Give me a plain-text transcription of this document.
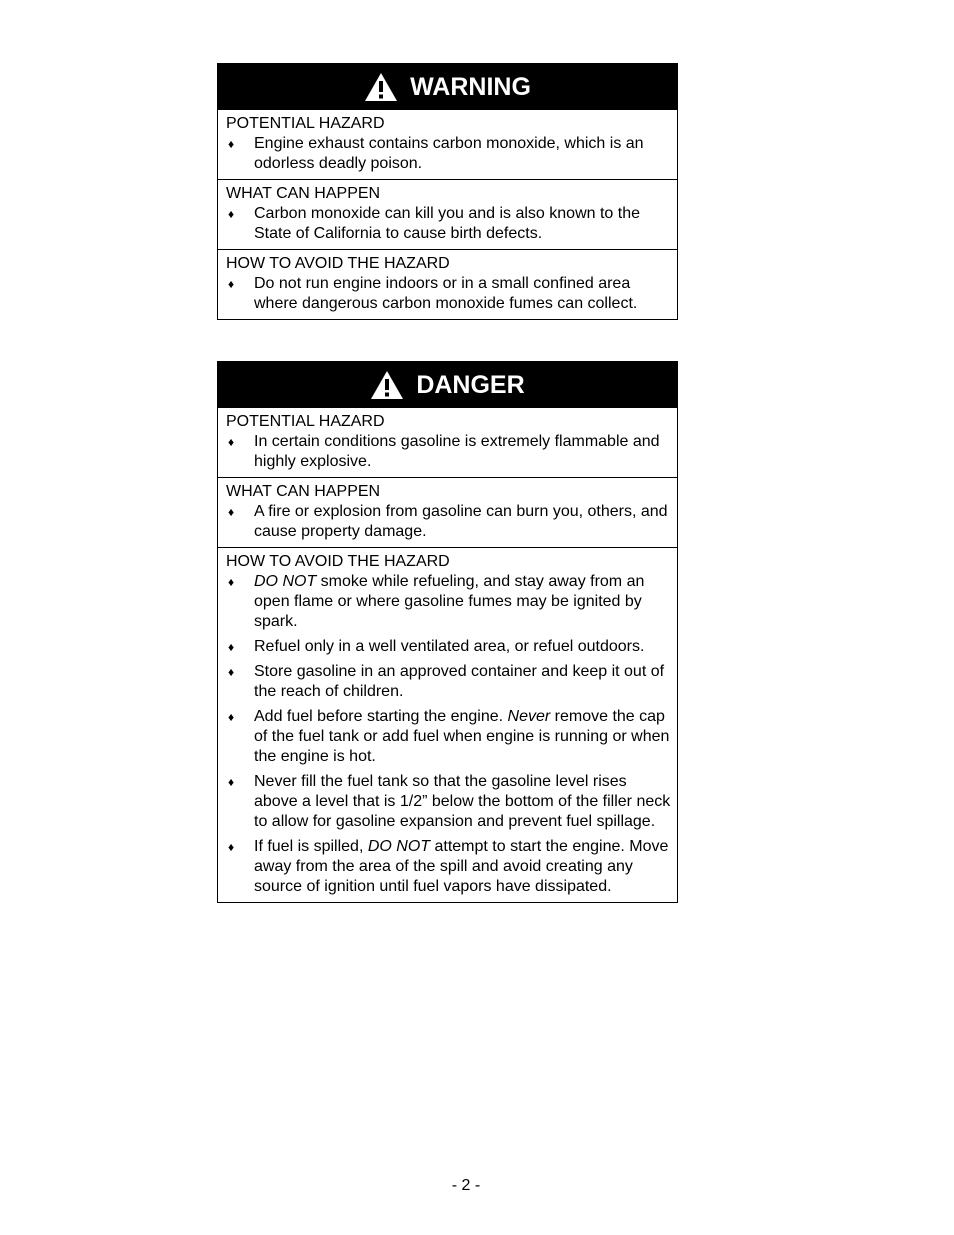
WARNING
POTENTIAL HAZARD
♦	Engine exhaust contains carbon monoxide, which is an odorless deadly poison.
WHAT CAN HAPPEN
♦	Carbon monoxide can kill you and is also known to the State of California to cause birth defects.
HOW TO AVOID THE HAZARD
♦	Do not run engine indoors or in a small confined area where dangerous carbon monoxide fumes can collect.
DANGER
POTENTIAL HAZARD
♦	In certain conditions gasoline is extremely flammable and highly explosive.
WHAT CAN HAPPEN
♦	A fire or explosion from gasoline can burn you, others, and cause property damage.
HOW TO AVOID THE HAZARD
♦	DO NOT smoke while refueling, and stay away from an open flame or where gasoline fumes may be ignited by spark.
♦	Refuel only in a well ventilated area, or refuel outdoors.
♦	Store gasoline in an approved container and keep it out of the reach of children.
♦	Add fuel before starting the engine. Never remove the cap of the fuel tank or add fuel when engine is running or when the engine is hot.
♦	Never fill the fuel tank so that the gasoline level rises above a level that is 1/2” below the bottom of the filler neck to allow for gasoline expansion and prevent fuel spillage.
♦	If fuel is spilled, DO NOT attempt to start the engine. Move away from the area of the spill and avoid creating any source of ignition until fuel vapors have dissipated.
- 2 -
